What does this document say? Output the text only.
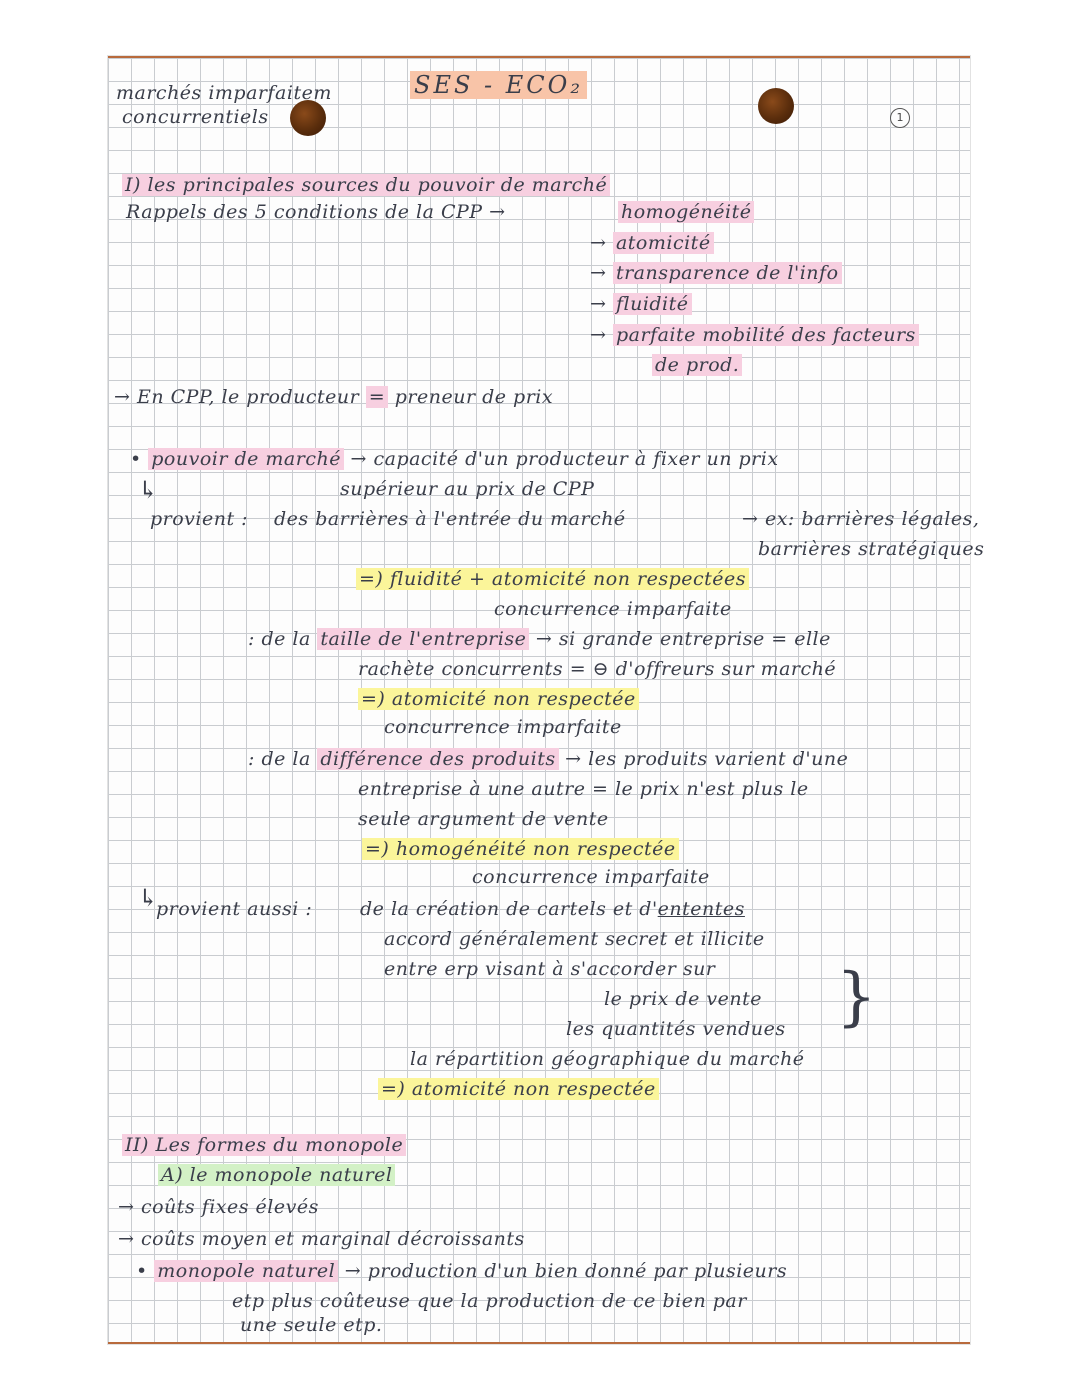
marchés imparfaitem
concurrentiels
SES - ECO₂
1
I) les principales sources du pouvoir de marché
Rappels des 5 conditions de la CPP →	homogénéité
→ atomicité
→ transparence de l'info
→ fluidité
→ parfaite mobilité des facteurs
de prod.
→ En CPP, le producteur = preneur de prix
• pouvoir de marché → capacité d'un producteur à fixer un prix
supérieur au prix de CPP
↳
provient : des barrières à l'entrée du marché	→ ex: barrières légales,
barrières stratégiques
=) fluidité + atomicité non respectées
concurrence imparfaite
: de la taille de l'entreprise → si grande entreprise = elle
rachète concurrents = ⊖ d'offreurs sur marché
=) atomicité non respectée
concurrence imparfaite
: de la différence des produits → les produits varient d'une
entreprise à une autre = le prix n'est plus le
seule argument de vente
=) homogénéité non respectée
concurrence imparfaite
↳
provient aussi :	de la création de cartels et d'ententes
accord généralement secret et illicite
entre erp visant à s'accorder sur
le prix de vente
les quantités vendues
la répartition géographique du marché
}
=) atomicité non respectée
II) Les formes du monopole
A) le monopole naturel
→ coûts fixes élevés
→ coûts moyen et marginal décroissants
• monopole naturel → production d'un bien donné par plusieurs
etp plus coûteuse que la production de ce bien par
une seule etp.
